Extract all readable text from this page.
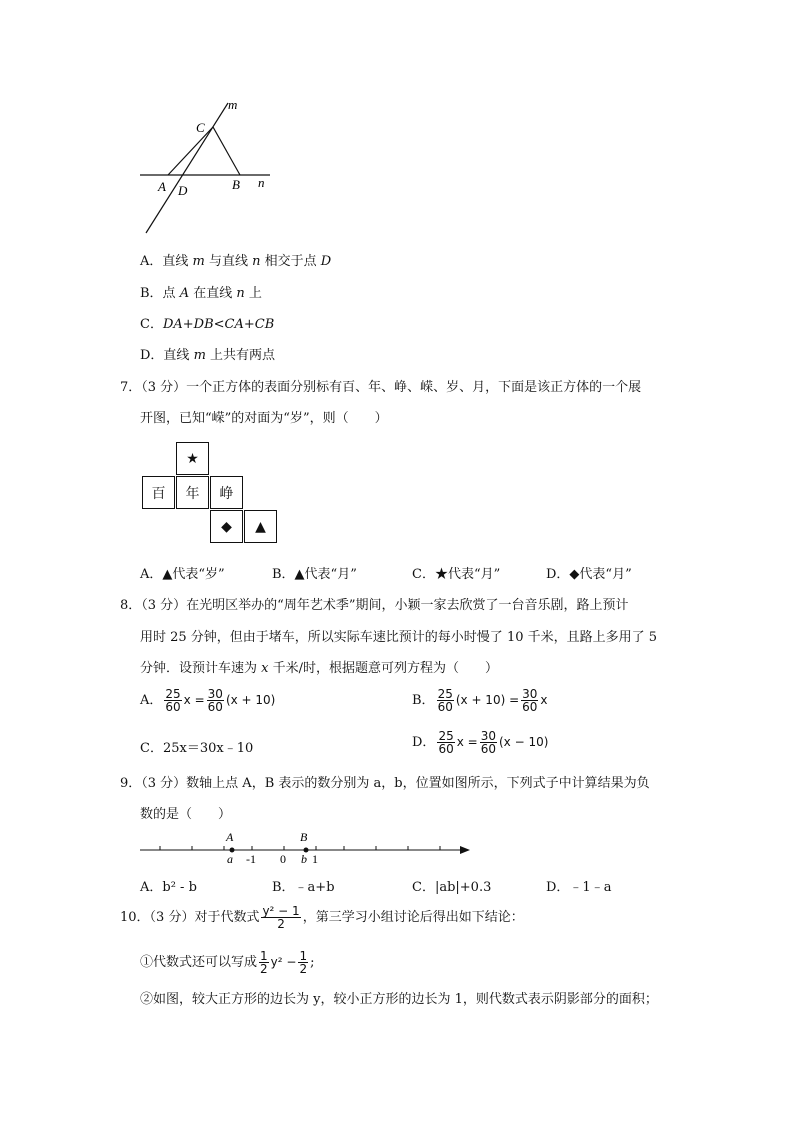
m
C
A D	B n
A．直线 m 与直线 n 相交于点 D
B．点 A 在直线 n 上
C．DA+DB<CA+CB
D．直线 m 上共有两点
7．（3 分）一个正方体的表面分别标有百、年、峥、嵘、岁、月，下面是该正方体的一个展
开图，已知“嵘”的对面为“岁”，则（　　）
★
百	年	峥
◆	▲
A．▲代表“岁”	B．▲代表“月”	C．★代表“月”	D．◆代表“月”
8．（3 分）在光明区举办的“周年艺术季”期间，小颖一家去欣赏了一台音乐剧，路上预计
用时 25 分钟，但由于堵车，所以实际车速比预计的每小时慢了 10 千米，且路上多用了 5
分钟．设预计车速为 x 千米/时，根据题意可列方程为（　　）
A． $\frac{25}{60}$ $x = \frac{30}{60} (x + 10)$	B． $\frac{25}{60} (x + 10) = \frac{30}{60}$ x
C．25x＝30x﹣10	D． $\frac{25}{60}$ $x = \frac{30}{60} (x - 10)$
9．（3 分）数轴上点 A，B 表示的数分别为 a，b，位置如图所示，下列式子中计算结果为负
数的是（　　）
A	B
a -1 0 b 1
A．b² - b	B．﹣a+b	C．|ab|+0.3	D．﹣1﹣a
10．（3 分）对于代数式 $\frac{\text{y² − 1}}{2}$ ，第三学习小组讨论后得出如下结论：
①代数式还可以写成 $\frac{1}{2} y^2 - \frac{1}{2}$ ;
②如图，较大正方形的边长为 y，较小正方形的边长为 1，则代数式表示阴影部分的面积；
